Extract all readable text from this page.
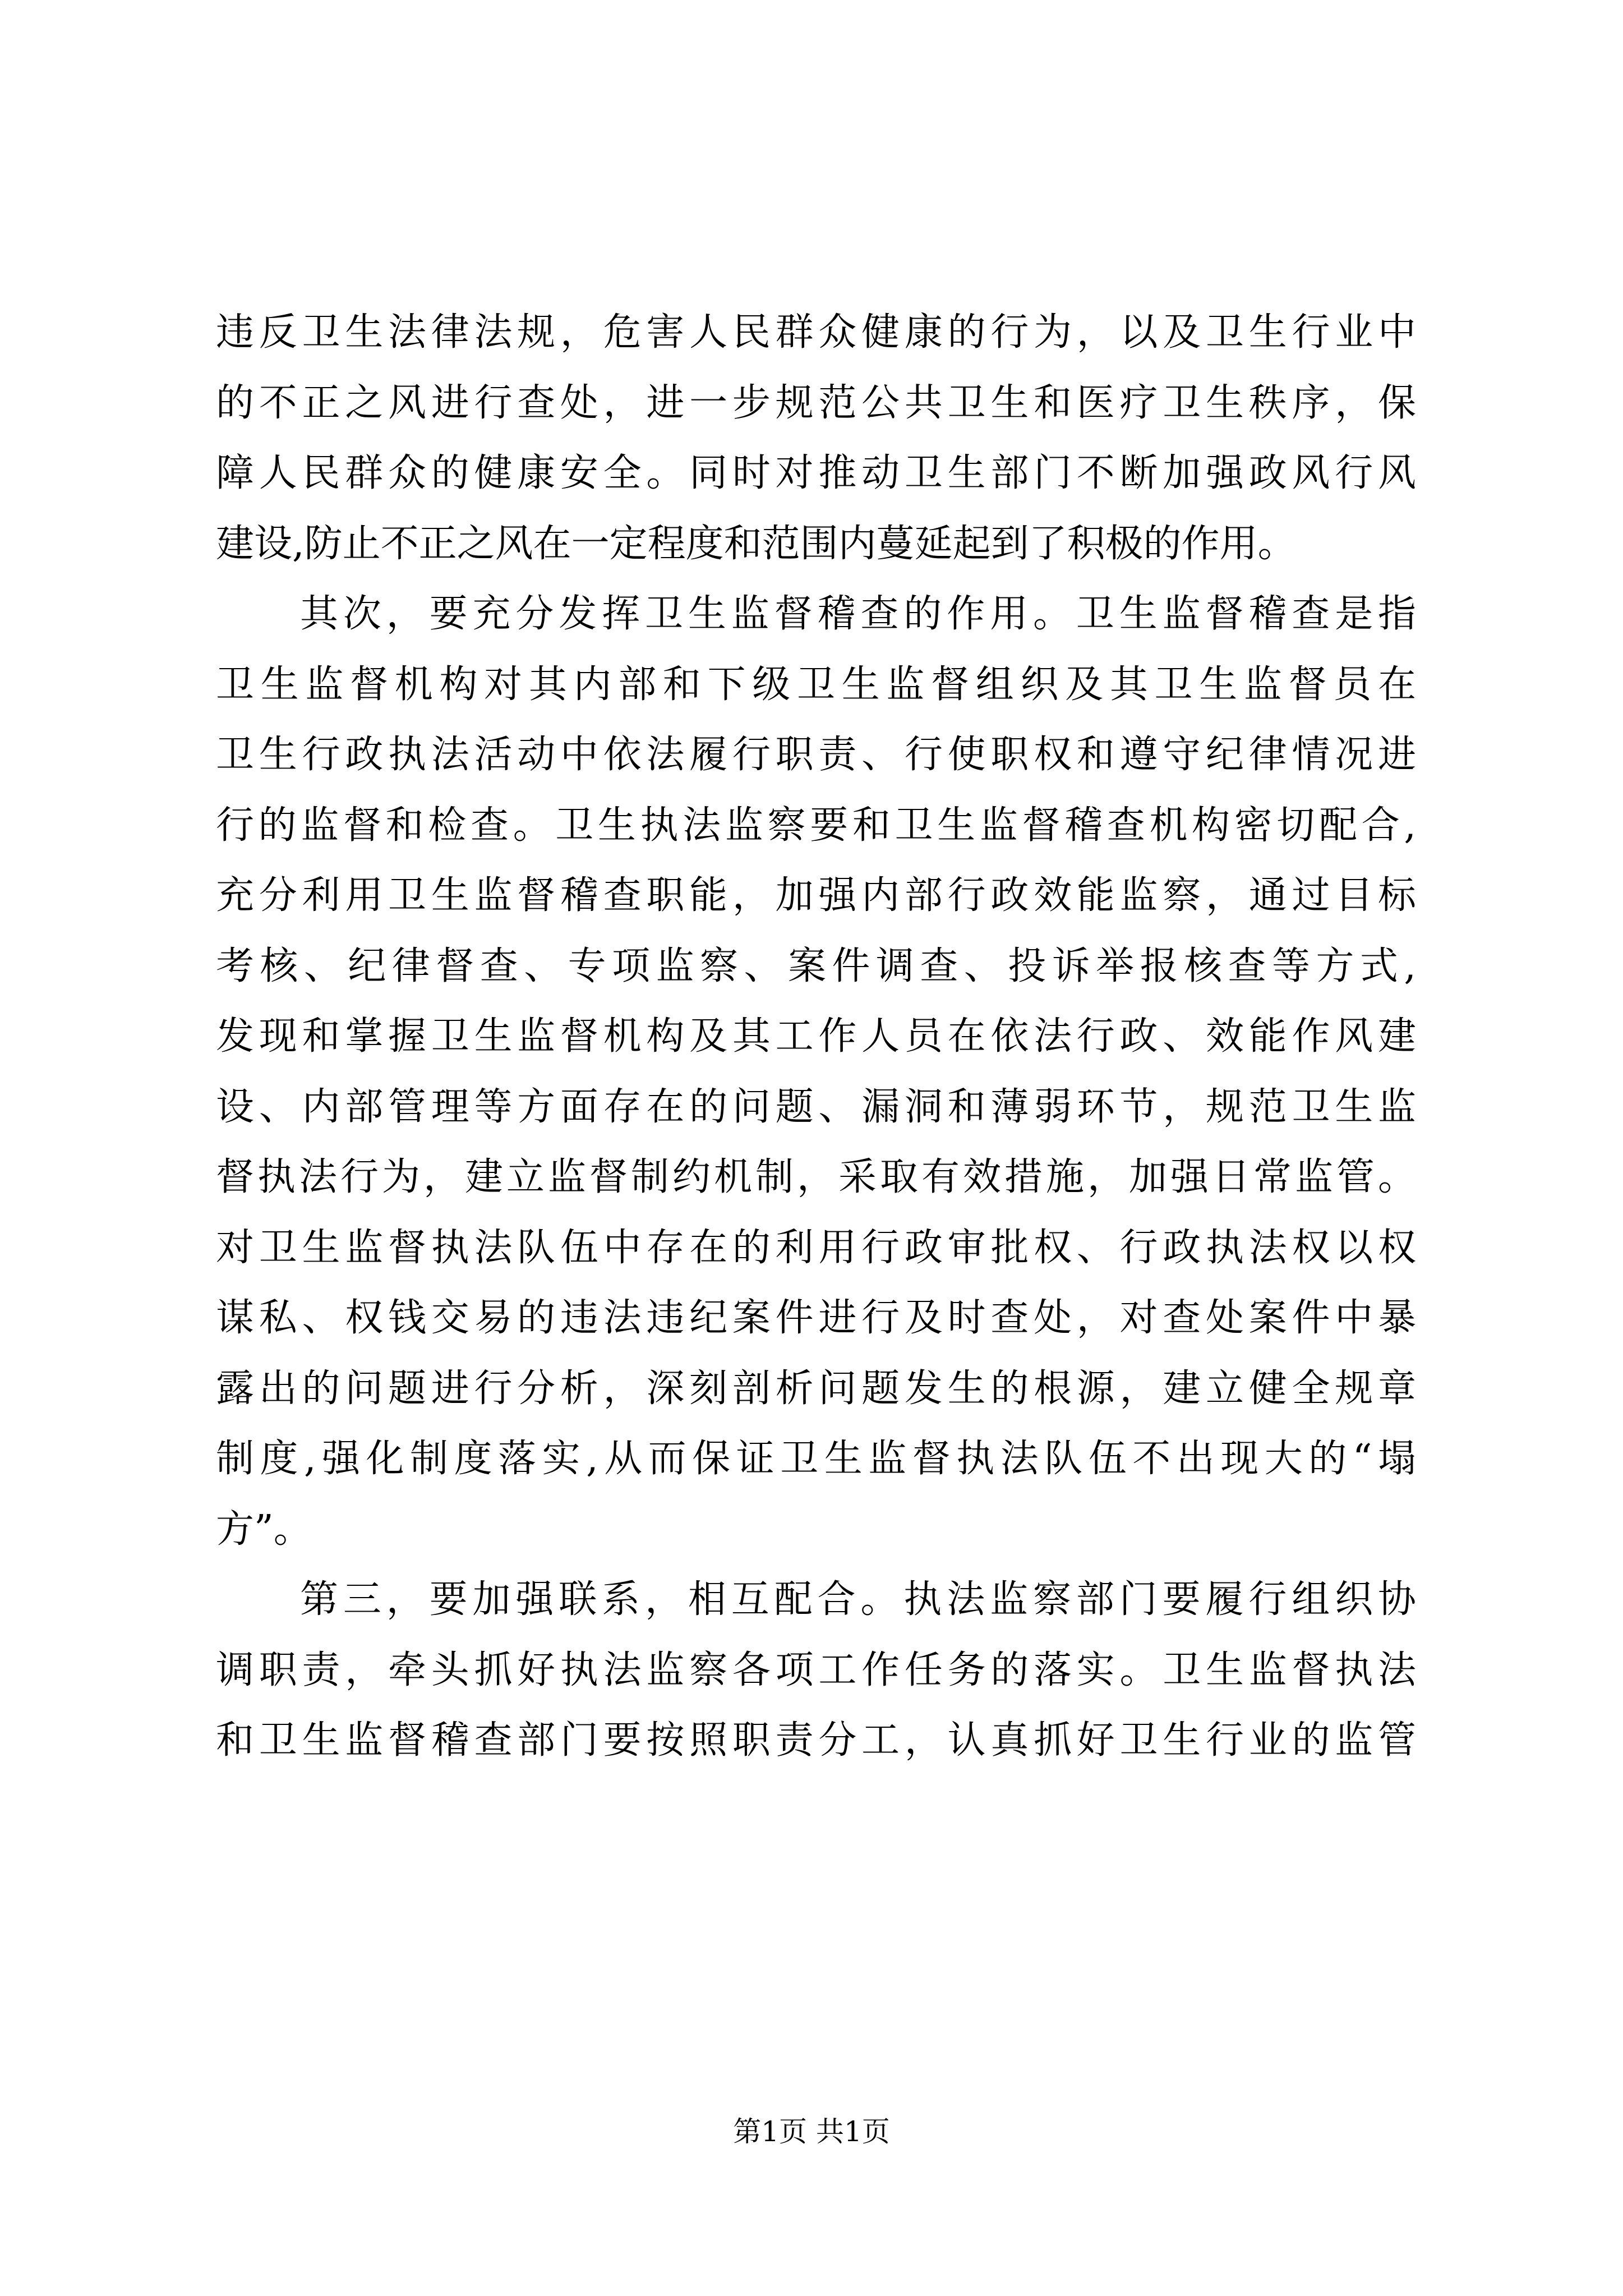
违反卫生法律法规，危害人民群众健康的行为，以及卫生行业中
的不正之风进行查处，进一步规范公共卫生和医疗卫生秩序，保
障人民群众的健康安全。同时对推动卫生部门不断加强政风行风
建设,防止不正之风在一定程度和范围内蔓延起到了积极的作用。
其次，要充分发挥卫生监督稽查的作用。卫生监督稽查是指
卫生监督机构对其内部和下级卫生监督组织及其卫生监督员在
卫生行政执法活动中依法履行职责、行使职权和遵守纪律情况进
行的监督和检查。卫生执法监察要和卫生监督稽查机构密切配合,
充分利用卫生监督稽查职能，加强内部行政效能监察，通过目标
考核、纪律督查、专项监察、案件调查、投诉举报核查等方式,
发现和掌握卫生监督机构及其工作人员在依法行政、效能作风建
设、内部管理等方面存在的问题、漏洞和薄弱环节，规范卫生监
督执法行为，建立监督制约机制，采取有效措施，加强日常监管。
对卫生监督执法队伍中存在的利用行政审批权、行政执法权以权
谋私、权钱交易的违法违纪案件进行及时查处，对查处案件中暴
露出的问题进行分析，深刻剖析问题发生的根源，建立健全规章
制度,强化制度落实,从而保证卫生监督执法队伍不出现大的“塌
方”。
第三，要加强联系，相互配合。执法监察部门要履行组织协
调职责，牵头抓好执法监察各项工作任务的落实。卫生监督执法
和卫生监督稽查部门要按照职责分工，认真抓好卫生行业的监管
第1页 共1页
